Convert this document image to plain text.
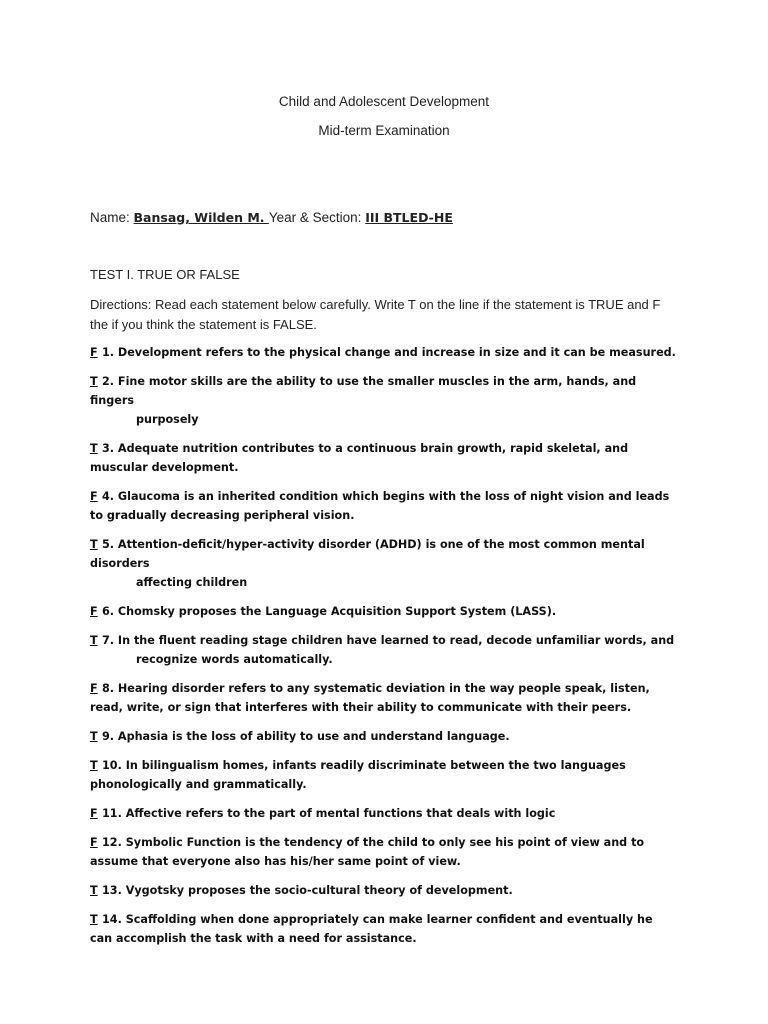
Child and Adolescent Development
Mid-term Examination
Name: Bansag, Wilden M. Year & Section: III BTLED-HE
TEST I. TRUE OR FALSE
Directions: Read each statement below carefully. Write T on the line if the statement is TRUE and F the if you think the statement is FALSE.
F 1. Development refers to the physical change and increase in size and it can be measured.
T 2. Fine motor skills are the ability to use the smaller muscles in the arm, hands, and fingers
purposely
T 3. Adequate nutrition contributes to a continuous brain growth, rapid skeletal, and      muscular development.
F 4. Glaucoma is an inherited condition which begins with the loss of night vision and leads          to gradually decreasing peripheral vision.
T 5. Attention-deficit/hyper-activity disorder (ADHD) is one of the most common mental disorders
affecting children
F 6. Chomsky proposes the Language Acquisition Support System (LASS).
T 7. In the fluent reading stage children have learned to read, decode unfamiliar words, and
recognize words automatically.
F 8. Hearing disorder refers to any systematic deviation in the way people speak, listen,  read, write, or sign that interferes with their ability to communicate with their peers.
T 9. Aphasia is the loss of ability to use and understand language.
T 10. In bilingualism homes, infants readily discriminate between the two languages       phonologically and grammatically.
F 11. Affective refers to the part of mental functions that deals with logic
F 12. Symbolic Function is the tendency of the child to only see his point of view and to  assume that everyone also has his/her same point of view.
T 13. Vygotsky proposes the socio-cultural theory of development.
T 14. Scaffolding when done appropriately can make learner confident and eventually he            can accomplish the task with a need for assistance.
